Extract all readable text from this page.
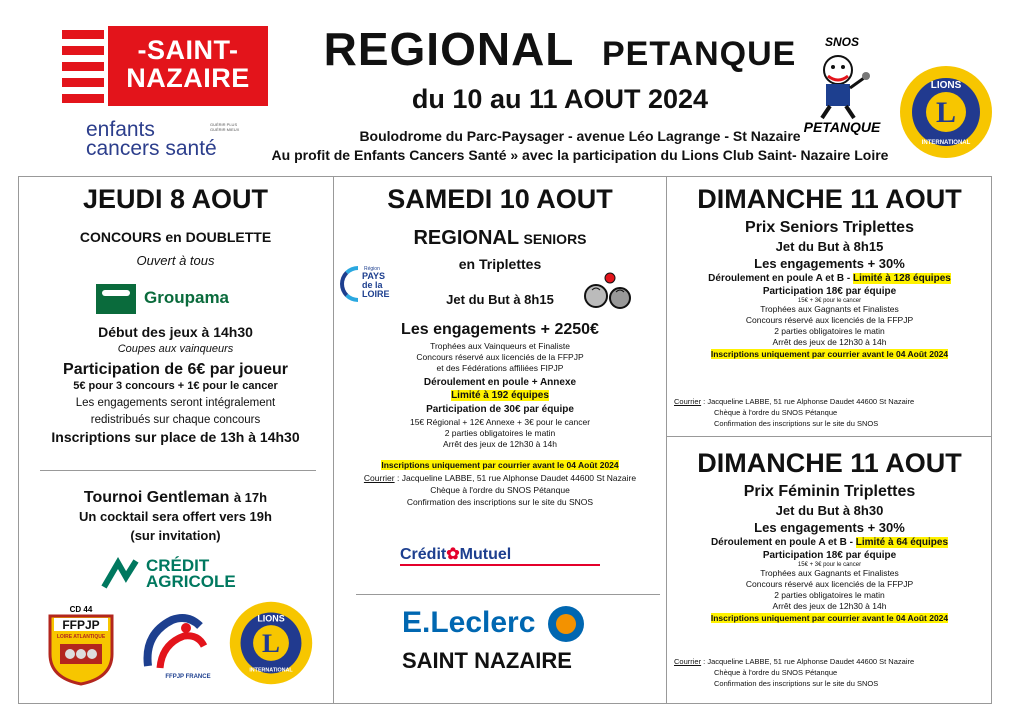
-SAINT-
NAZAIRE
enfants
cancers santé
GUÉRIR PLUS
GUÉRIR MIEUX
REGIONAL PETANQUE
du 10 au 11 AOUT 2024
Boulodrome du Parc-Paysager - avenue Léo Lagrange - St Nazaire
Au profit de Enfants Cancers Santé » avec la participation du Lions Club Saint- Nazaire Loire
SNOS
PETANQUE L
LIONS
INTERNATIONAL
JEUDI 8 AOUT
CONCOURS en DOUBLETTE
Ouvert à tous
Groupama
Début des jeux à 14h30
Coupes aux vainqueurs
Participation de 6€ par joueur
5€ pour 3 concours + 1€ pour le cancer
Les engagements seront intégralement
redistribués sur chaque concours
Inscriptions sur place de 13h à 14h30
Tournoi Gentleman à 17h
Un cocktail sera offert vers 19h
(sur invitation)
CRÉDIT
AGRICOLE
CD 44
FFPJP
LOIRE ATLANTIQUE
FFPJP FRANCE
L
LIONS
INTERNATIONAL
SAMEDI 10 AOUT
REGIONAL SENIORS
en Triplettes
Région
PAYS
de la
LOIRE	Jet du But à 8h15
Les engagements + 2250€
Trophées aux Vainqueurs et Finaliste
Concours réservé aux licenciés de la FFPJP
et des Fédérations affiliées FIPJP
Déroulement en poule + Annexe
Limité à 192 équipes
Participation de 30€ par équipe
15€ Régional + 12€ Annexe + 3€ pour le cancer
2 parties obligatoires le matin
Arrêt des jeux de 12h30 à 14h
Inscriptions uniquement par courrier avant le 04 Août 2024
Courrier : Jacqueline LABBE, 51 rue Alphonse Daudet 44600 St Nazaire
Chèque à l'ordre du SNOS Pétanque
Confirmation des inscriptions sur le site du SNOS
Crédit✿Mutuel
E.Leclerc
SAINT NAZAIRE
DIMANCHE 11 AOUT
Prix Seniors Triplettes
Jet du But à 8h15
Les engagements + 30%
Déroulement en poule A et B - Limité à 128 équipes
Participation 18€ par équipe
15€ + 3€ pour le cancer
Trophées aux Gagnants et Finalistes
Concours réservé aux licenciés de la FFPJP
2 parties obligatoires le matin
Arrêt des jeux de 12h30 à 14h
Inscriptions uniquement par courrier avant le 04 Août 2024
Courrier : Jacqueline LABBE, 51 rue Alphonse Daudet 44600 St Nazaire
Chèque à l'ordre du SNOS Pétanque
Confirmation des inscriptions sur le site du SNOS
DIMANCHE 11 AOUT
Prix Féminin Triplettes
Jet du But à 8h30
Les engagements + 30%
Déroulement en poule A et B - Limité à 64 équipes
Participation 18€ par équipe
15€ + 3€ pour le cancer
Trophées aux Gagnants et Finalistes
Concours réservé aux licenciés de la FFPJP
2 parties obligatoires le matin
Arrêt des jeux de 12h30 à 14h
Inscriptions uniquement par courrier avant le 04 Août 2024
Courrier : Jacqueline LABBE, 51 rue Alphonse Daudet 44600 St Nazaire
Chèque à l'ordre du SNOS Pétanque
Confirmation des inscriptions sur le site du SNOS
